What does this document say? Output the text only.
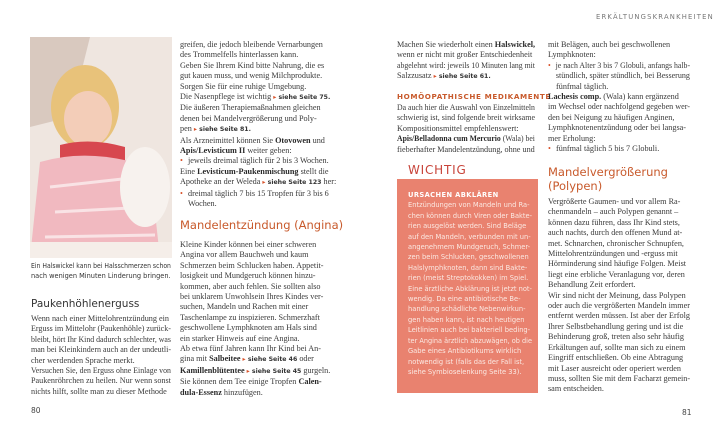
ERKÄLTUNGSKRANKHEITEN
Ein Halswickel kann bei Halsschmerzen schon
nach wenigen Minuten Linderung bringen.
Paukenhöhlenerguss
Wenn nach einer Mittelohrentzündung ein
Erguss im Mittelohr (Paukenhöhle) zurück-
bleibt, hört Ihr Kind dadurch schlechter, was
man bei Kleinkindern auch an der undeutli-
cher werdenden Sprache merkt.
Versuchen Sie, den Erguss ohne Einlage von
Paukenröhrchen zu heilen. Nur wenn sonst
nichts hilft, sollte man zu dieser Methode
80
greifen, die jedoch bleibende Vernarbungen
des Trommelfells hinterlassen kann.
Geben Sie Ihrem Kind bitte Nahrung, die es
gut kauen muss, und wenig Milchprodukte.
Sorgen Sie für eine ruhige Umgebung.
Die Nasenpflege ist wichtig ▸ siehe Seite 75.
Die äußeren Therapiemaßnahmen gleichen
denen bei Mandelvergrößerung und Poly-
pen ▸ siehe Seite 81.
Als Arzneimittel können Sie Otovowen und
Apis/Levisticum II weiter geben:
• jeweils dreimal täglich für 2 bis 3 Wochen.
Eine Levisticum-Paukenmischung stellt die
Apotheke an der Weleda ▸ siehe Seite 123 her:
• dreimal täglich 7 bis 15 Tropfen für 3 bis 6
Wochen.
Mandelentzündung (Angina)
Kleine Kinder können bei einer schweren
Angina vor allem Bauchweh und kaum
Schmerzen beim Schlucken haben. Appetit-
losigkeit und Mundgeruch können hinzu-
kommen, aber auch fehlen. Sie sollten also
bei unklarem Unwohlsein Ihres Kindes ver-
suchen, Mandeln und Rachen mit einer
Taschenlampe zu inspizieren. Schmerzhaft
geschwollene Lymphknoten am Hals sind
ein starker Hinweis auf eine Angina.
Ab etwa fünf Jahren kann Ihr Kind bei An-
gina mit Salbeitee ▸ siehe Seite 46 oder
Kamillenblütentee ▸ siehe Seite 45 gurgeln.
Sie können dem Tee einige Tropfen Calen-
dula-Essenz hinzufügen.
Machen Sie wiederholt einen Halswickel,
wenn er nicht mit großer Entschiedenheit
abgelehnt wird: jeweils 10 Minuten lang mit
Salzzusatz ▸ siehe Seite 61.
HOMÖOPATHISCHE MEDIKAMENTE
Da auch hier die Auswahl von Einzelmitteln
schwierig ist, sind folgende breit wirksame
Kompositionsmittel empfehlenswert:
Apis/Belladonna cum Mercurio (Wala) bei
fieberhafter Mandelentzündung, ohne und
WICHTIG
URSACHEN ABKLÄREN
Entzündungen von Mandeln und Ra-
chen können durch Viren oder Bakte-
rien ausgelöst werden. Sind Beläge
auf den Mandeln, verbunden mit un-
angenehmem Mundgeruch, Schmer-
zen beim Schlucken, geschwollenen
Halslymphknoten, dann sind Bakte-
rien (meist Streptokokken) im Spiel.
Eine ärztliche Abklärung ist jetzt not-
wendig. Da eine antibiotische Be-
handlung schädliche Nebenwirkun-
gen haben kann, ist nach heutigen
Leitlinien auch bei bakteriell beding-
ter Angina ärztlich abzuwägen, ob die
Gabe eines Antibiotikums wirklich
notwendig ist (falls das der Fall ist,
siehe Symbioselenkung Seite 33).
mit Belägen, auch bei geschwollenen
Lymphknoten:
• je nach Alter 3 bis 7 Globuli, anfangs halb-
stündlich, später stündlich, bei Besserung
fünfmal täglich.
Lachesis comp. (Wala) kann ergänzend
im Wechsel oder nachfolgend gegeben wer-
den bei Neigung zu häufigen Anginen,
Lymphknotenentzündung oder bei langsa-
mer Erholung:
• fünfmal täglich 5 bis 7 Globuli.
Mandelvergrößerung
(Polypen)
Vergrößerte Gaumen- und vor allem Ra-
chenmandeln – auch Polypen genannt –
können dazu führen, dass Ihr Kind stets,
auch nachts, durch den offenen Mund at-
met. Schnarchen, chronischer Schnupfen,
Mittelohrentzündungen und -erguss mit
Hörminderung sind häufige Folgen. Meist
liegt eine erbliche Veranlagung vor, deren
Behandlung Zeit erfordert.
Wir sind nicht der Meinung, dass Polypen
oder auch die vergrößerten Mandeln immer
entfernt werden müssen. Ist aber der Erfolg
Ihrer Selbstbehandlung gering und ist die
Behinderung groß, treten also sehr häufig
Erkältungen auf, sollte man sich zu einem
Eingriff entschließen. Ob eine Abtragung
mit Laser ausreicht oder operiert werden
muss, sollten Sie mit dem Facharzt gemein-
sam entscheiden.
81
